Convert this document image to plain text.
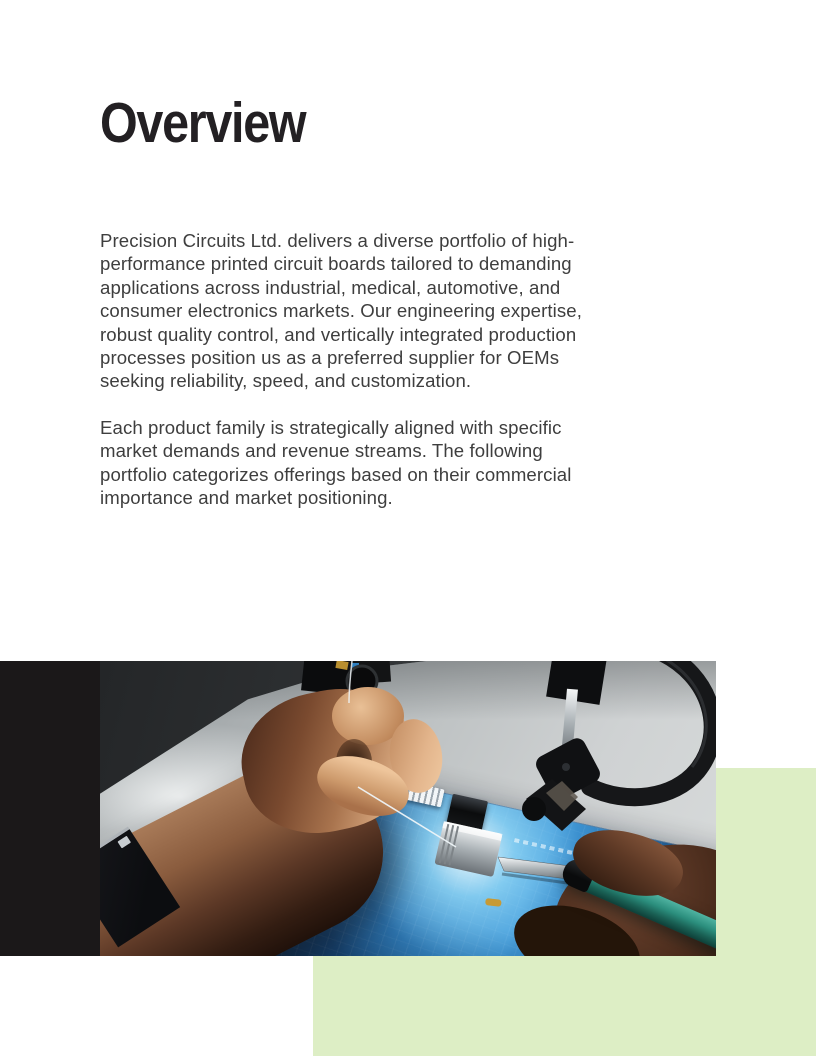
Overview

Precision Circuits Ltd. delivers a diverse portfolio of high-performance printed circuit boards tailored to demanding applications across industrial, medical, automotive, and consumer electronics markets. Our engineering expertise, robust quality control, and vertically integrated production processes position us as a preferred supplier for OEMs seeking reliability, speed, and customization.

Each product family is strategically aligned with specific market demands and revenue streams. The following portfolio categorizes offerings based on their commercial importance and market positioning.
